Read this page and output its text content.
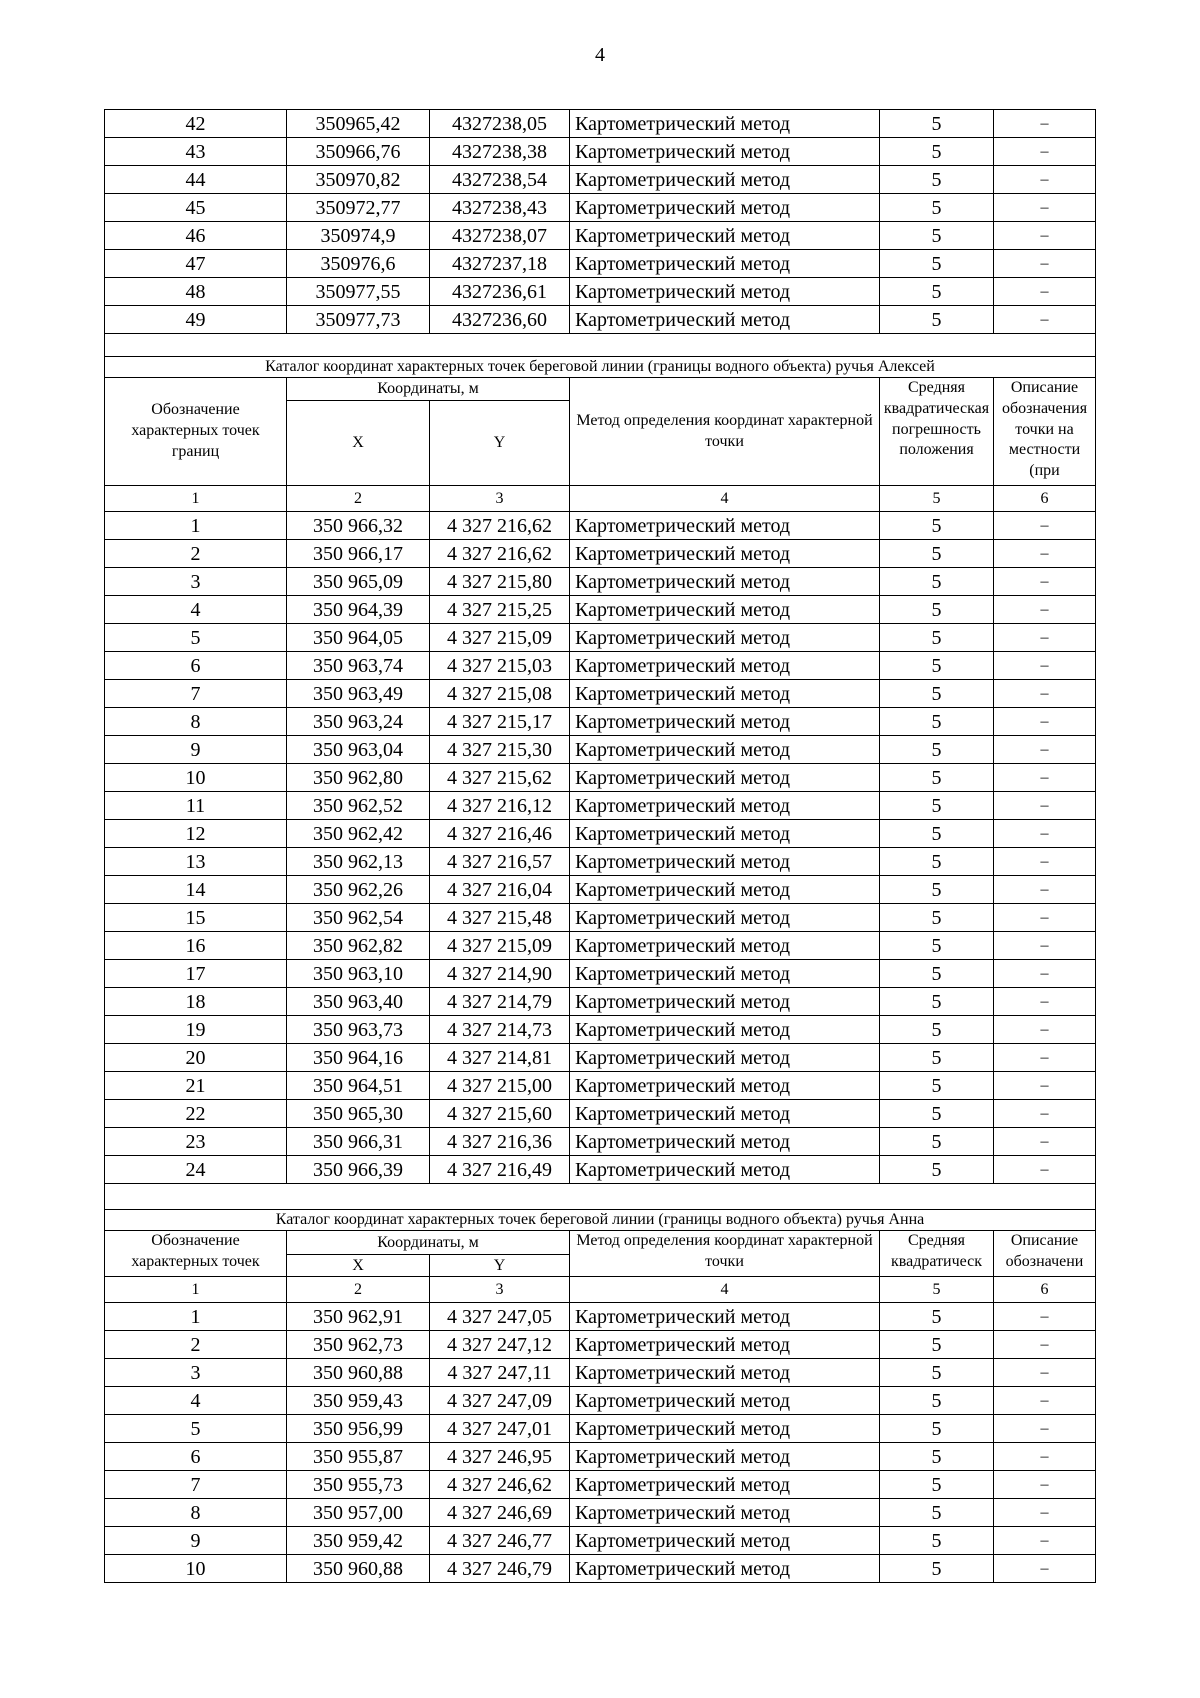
4
42	350965,42	4327238,05	Картометрический метод	5	–
43	350966,76	4327238,38	Картометрический метод	5	–
44	350970,82	4327238,54	Картометрический метод	5	–
45	350972,77	4327238,43	Картометрический метод	5	–
46	350974,9	4327238,07	Картометрический метод	5	–
47	350976,6	4327237,18	Картометрический метод	5	–
48	350977,55	4327236,61	Картометрический метод	5	–
49	350977,73	4327236,60	Картометрический метод	5	–

Каталог координат характерных точек береговой линии (границы водного объекта) ручья Алексей					
Обозначение характерных точек границ	Координаты, м		Метод определения координат характерной точки	Средняя квадратическая погрешность положения	Описание обозначения точки на местности (при

	X	Y			
1	2	3	4	5	6
1	350 966,32	4 327 216,62	Картометрический метод	5	–
2	350 966,17	4 327 216,62	Картометрический метод	5	–
3	350 965,09	4 327 215,80	Картометрический метод	5	–
4	350 964,39	4 327 215,25	Картометрический метод	5	–
5	350 964,05	4 327 215,09	Картометрический метод	5	–
6	350 963,74	4 327 215,03	Картометрический метод	5	–
7	350 963,49	4 327 215,08	Картометрический метод	5	–
8	350 963,24	4 327 215,17	Картометрический метод	5	–
9	350 963,04	4 327 215,30	Картометрический метод	5	–
10	350 962,80	4 327 215,62	Картометрический метод	5	–
11	350 962,52	4 327 216,12	Картометрический метод	5	–
12	350 962,42	4 327 216,46	Картометрический метод	5	–
13	350 962,13	4 327 216,57	Картометрический метод	5	–
14	350 962,26	4 327 216,04	Картометрический метод	5	–
15	350 962,54	4 327 215,48	Картометрический метод	5	–
16	350 962,82	4 327 215,09	Картометрический метод	5	–
17	350 963,10	4 327 214,90	Картометрический метод	5	–
18	350 963,40	4 327 214,79	Картометрический метод	5	–
19	350 963,73	4 327 214,73	Картометрический метод	5	–
20	350 964,16	4 327 214,81	Картометрический метод	5	–
21	350 964,51	4 327 215,00	Картометрический метод	5	–
22	350 965,30	4 327 215,60	Картометрический метод	5	–
23	350 966,31	4 327 216,36	Картометрический метод	5	–
24	350 966,39	4 327 216,49	Картометрический метод	5	–

Каталог координат характерных точек береговой линии (границы водного объекта) ручья Анна					

Обозначение характерных точек	Координаты, м		Метод определения координат характерной точки	Средняя квадратическ	Описание обозначени

	X	Y			
1	2	3	4	5	6
1	350 962,91	4 327 247,05	Картометрический метод	5	–
2	350 962,73	4 327 247,12	Картометрический метод	5	–
3	350 960,88	4 327 247,11	Картометрический метод	5	–
4	350 959,43	4 327 247,09	Картометрический метод	5	–
5	350 956,99	4 327 247,01	Картометрический метод	5	–
6	350 955,87	4 327 246,95	Картометрический метод	5	–
7	350 955,73	4 327 246,62	Картометрический метод	5	–
8	350 957,00	4 327 246,69	Картометрический метод	5	–
9	350 959,42	4 327 246,77	Картометрический метод	5	–
10	350 960,88	4 327 246,79	Картометрический метод	5	–
